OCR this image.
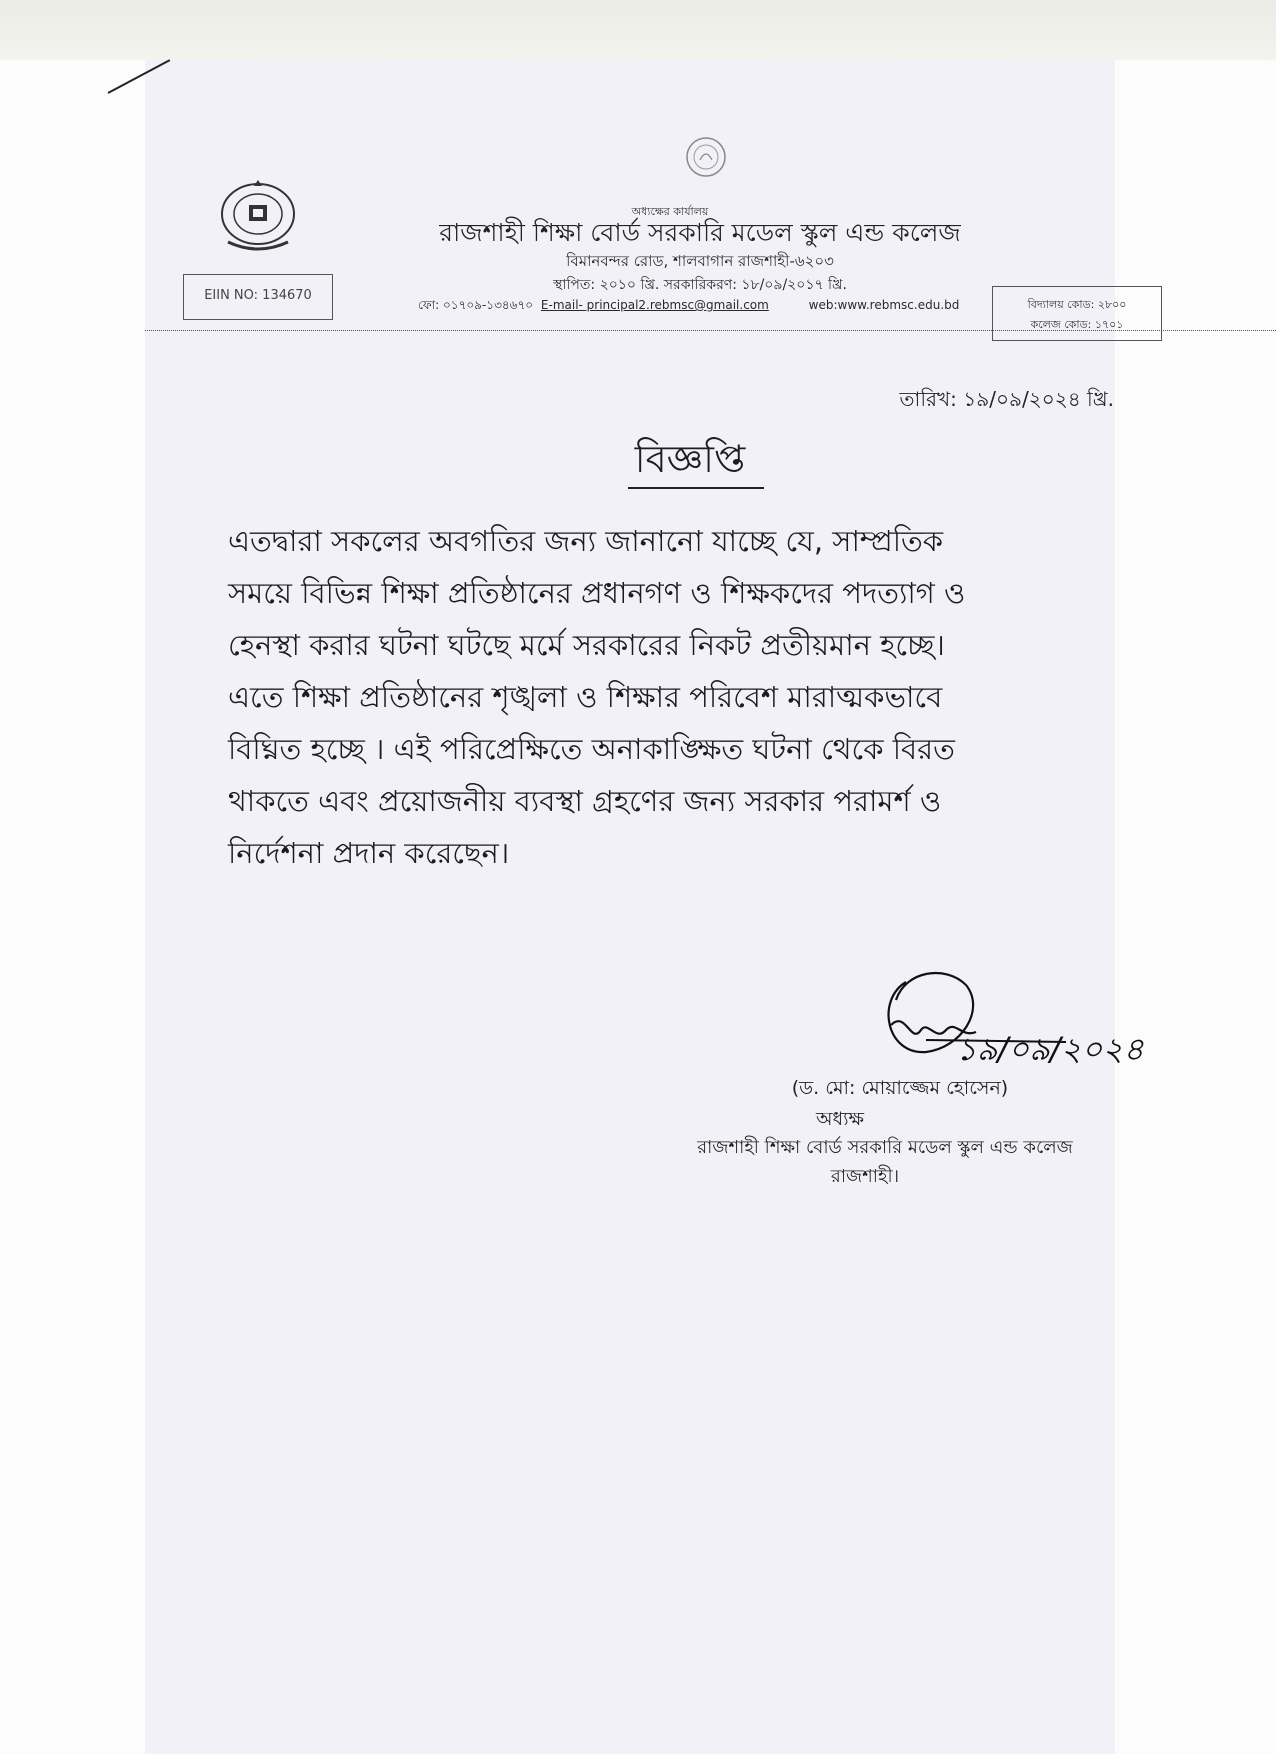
অধ্যক্ষের কার্যালয়
রাজশাহী শিক্ষা বোর্ড সরকারি মডেল স্কুল এন্ড কলেজ
বিমানবন্দর রোড, শালবাগান রাজশাহী-৬২০৩
স্থাপিত: ২০১০ খ্রি. সরকারিকরণ: ১৮/০৯/২০১৭ খ্রি.
ফো: ০১৭০৯-১৩৪৬৭০ E-mail- principal2.rebmsc@gmail.com	web:www.rebmsc.edu.bd
EIIN NO: 134670
বিদ্যালয় কোড: ২৮০০
কলেজ কোড: ১৭০১
তারিখ: ১৯/০৯/২০২৪ খ্রি.
বিজ্ঞপ্তি
এতদ্বারা সকলের অবগতির জন্য জানানো যাচ্ছে যে, সাম্প্রতিক
সময়ে বিভিন্ন শিক্ষা প্রতিষ্ঠানের প্রধানগণ ও শিক্ষকদের পদত্যাগ ও
হেনস্থা করার ঘটনা ঘটছে মর্মে সরকারের নিকট প্রতীয়মান হচ্ছে।
এতে শিক্ষা প্রতিষ্ঠানের শৃঙ্খলা ও শিক্ষার পরিবেশ মারাত্মকভাবে
বিঘ্নিত হচ্ছে । এই পরিপ্রেক্ষিতে অনাকাঙ্ক্ষিত ঘটনা থেকে বিরত
থাকতে এবং প্রয়োজনীয় ব্যবস্থা গ্রহণের জন্য সরকার পরামর্শ ও
নির্দেশনা প্রদান করেছেন।
১৯/০৯/২০২৪
(ড. মো: মোয়াজ্জেম হোসেন)
অধ্যক্ষ
রাজশাহী শিক্ষা বোর্ড সরকারি মডেল স্কুল এন্ড কলেজ
রাজশাহী।
